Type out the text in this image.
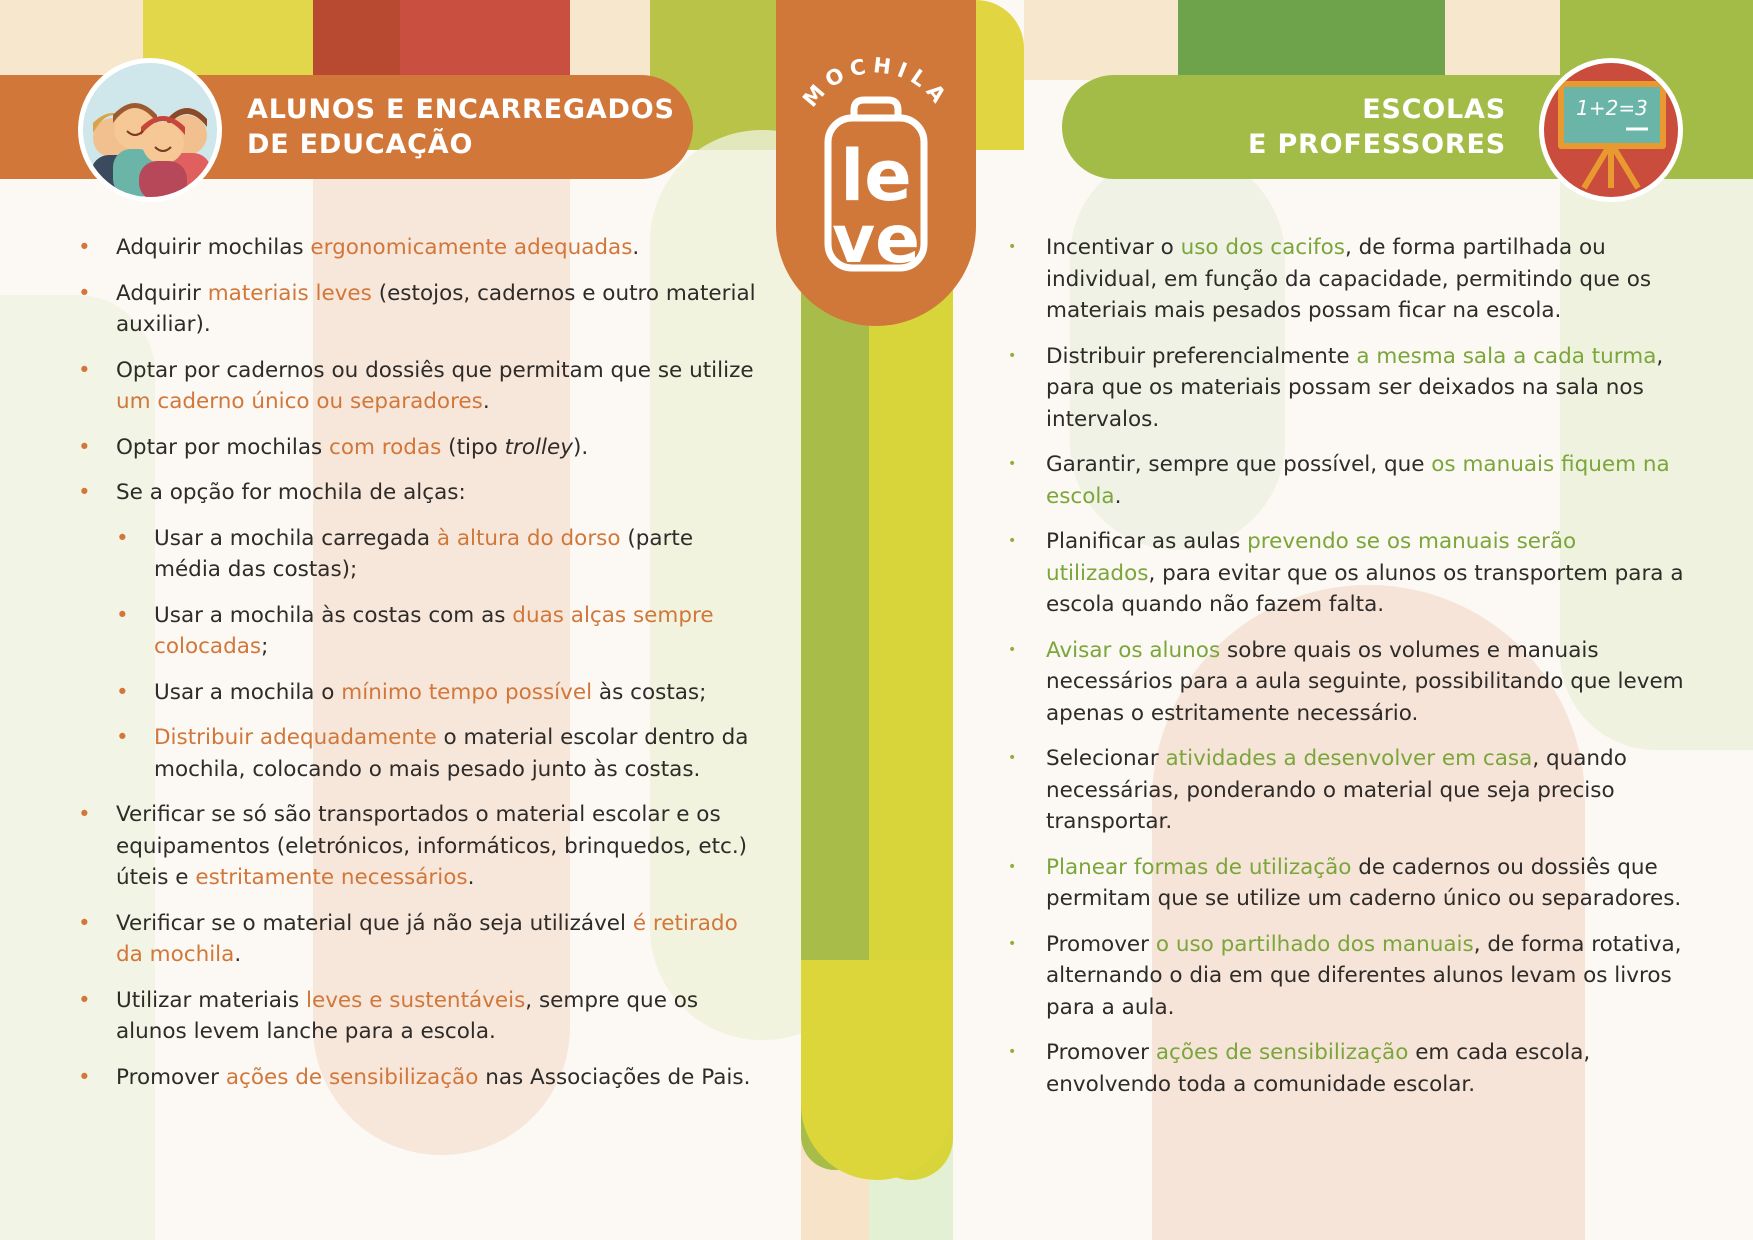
ALUNOS E ENCARREGADOS
DE EDUCAÇÃO
ESCOLAS
E PROFESSORES
1+2=3
MOCHILA
le
ve
• Adquirir mochilas ergonomicamente adequadas.
• Adquirir materiais leves (estojos, cadernos e outro material auxiliar).
• Optar por cadernos ou dossiês que permitam que se utilize um caderno único ou separadores.
• Optar por mochilas com rodas (tipo trolley).
• Se a opção for mochila de alças:
• Usar a mochila carregada à altura do dorso (parte média das costas);
• Usar a mochila às costas com as duas alças sempre colocadas;
• Usar a mochila o mínimo tempo possível às costas;
• Distribuir adequadamente o material escolar dentro da mochila, colocando o mais pesado junto às costas.
• Verificar se só são transportados o material escolar e os equipamentos (eletrónicos, informáticos, brinquedos, etc.) úteis e estritamente necessários.
• Verificar se o material que já não seja utilizável é retirado da mochila.
• Utilizar materiais leves e sustentáveis, sempre que os alunos levem lanche para a escola.
• Promover ações de sensibilização nas Associações de Pais.
• Incentivar o uso dos cacifos, de forma partilhada ou individual, em função da capacidade, permitindo que os materiais mais pesados possam ficar na escola.
• Distribuir preferencialmente a mesma sala a cada turma, para que os materiais possam ser deixados na sala nos intervalos.
• Garantir, sempre que possível, que os manuais fiquem na escola.
• Planificar as aulas prevendo se os manuais serão utilizados, para evitar que os alunos os transportem para a escola quando não fazem falta.
• Avisar os alunos sobre quais os volumes e manuais necessários para a aula seguinte, possibilitando que levem apenas o estritamente necessário.
• Selecionar atividades a desenvolver em casa, quando necessárias, ponderando o material que seja preciso transportar.
• Planear formas de utilização de cadernos ou dossiês que permitam que se utilize um caderno único ou separadores.
• Promover o uso partilhado dos manuais, de forma rotativa, alternando o dia em que diferentes alunos levam os livros para a aula.
• Promover ações de sensibilização em cada escola, envolvendo toda a comunidade escolar.
